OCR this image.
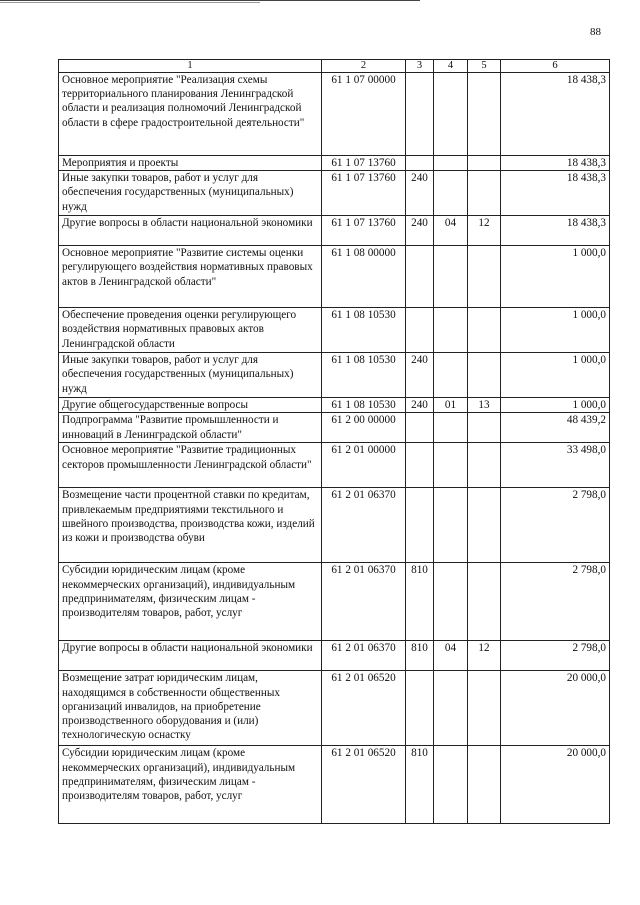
88
1	2	3	4	5	6
Основное мероприятие "Реализация схемы территориального планирования Ленинградской области и реализация полномочий Ленинградской области в сфере градостроительной деятельности"	61 1 07 00000				18 438,3
Мероприятия и проекты	61 1 07 13760				18 438,3
Иные закупки товаров, работ и услуг для обеспечения государственных (муниципальных) нужд	61 1 07 13760	240			18 438,3
Другие вопросы в области национальной экономики	61 1 07 13760	240	04	12	18 438,3
Основное мероприятие "Развитие системы оценки регулирующего воздействия нормативных правовых актов в Ленинградской области"	61 1 08 00000				1 000,0
Обеспечение проведения оценки регулирующего воздействия нормативных правовых актов Ленинградской области	61 1 08 10530				1 000,0
Иные закупки товаров, работ и услуг для обеспечения государственных (муниципальных) нужд	61 1 08 10530	240			1 000,0
Другие общегосударственные вопросы	61 1 08 10530	240	01	13	1 000,0
Подпрограмма "Развитие промышленности и инноваций в Ленинградской области"	61 2 00 00000				48 439,2
Основное мероприятие "Развитие традиционных секторов промышленности Ленинградской области"	61 2 01 00000				33 498,0
Возмещение части процентной ставки по кредитам, привлекаемым предприятиями текстильного и швейного производства, производства кожи, изделий из кожи и производства обуви	61 2 01 06370				2 798,0
Субсидии юридическим лицам (кроме некоммерческих организаций), индивидуальным предпринимателям, физическим лицам - производителям товаров, работ, услуг	61 2 01 06370	810			2 798,0
Другие вопросы в области национальной экономики	61 2 01 06370	810	04	12	2 798,0
Возмещение затрат юридическим лицам, находящимся в собственности общественных организаций инвалидов, на приобретение производственного оборудования и (или) технологическую оснастку	61 2 01 06520				20 000,0
Субсидии юридическим лицам (кроме некоммерческих организаций), индивидуальным предпринимателям, физическим лицам - производителям товаров, работ, услуг	61 2 01 06520	810			20 000,0
